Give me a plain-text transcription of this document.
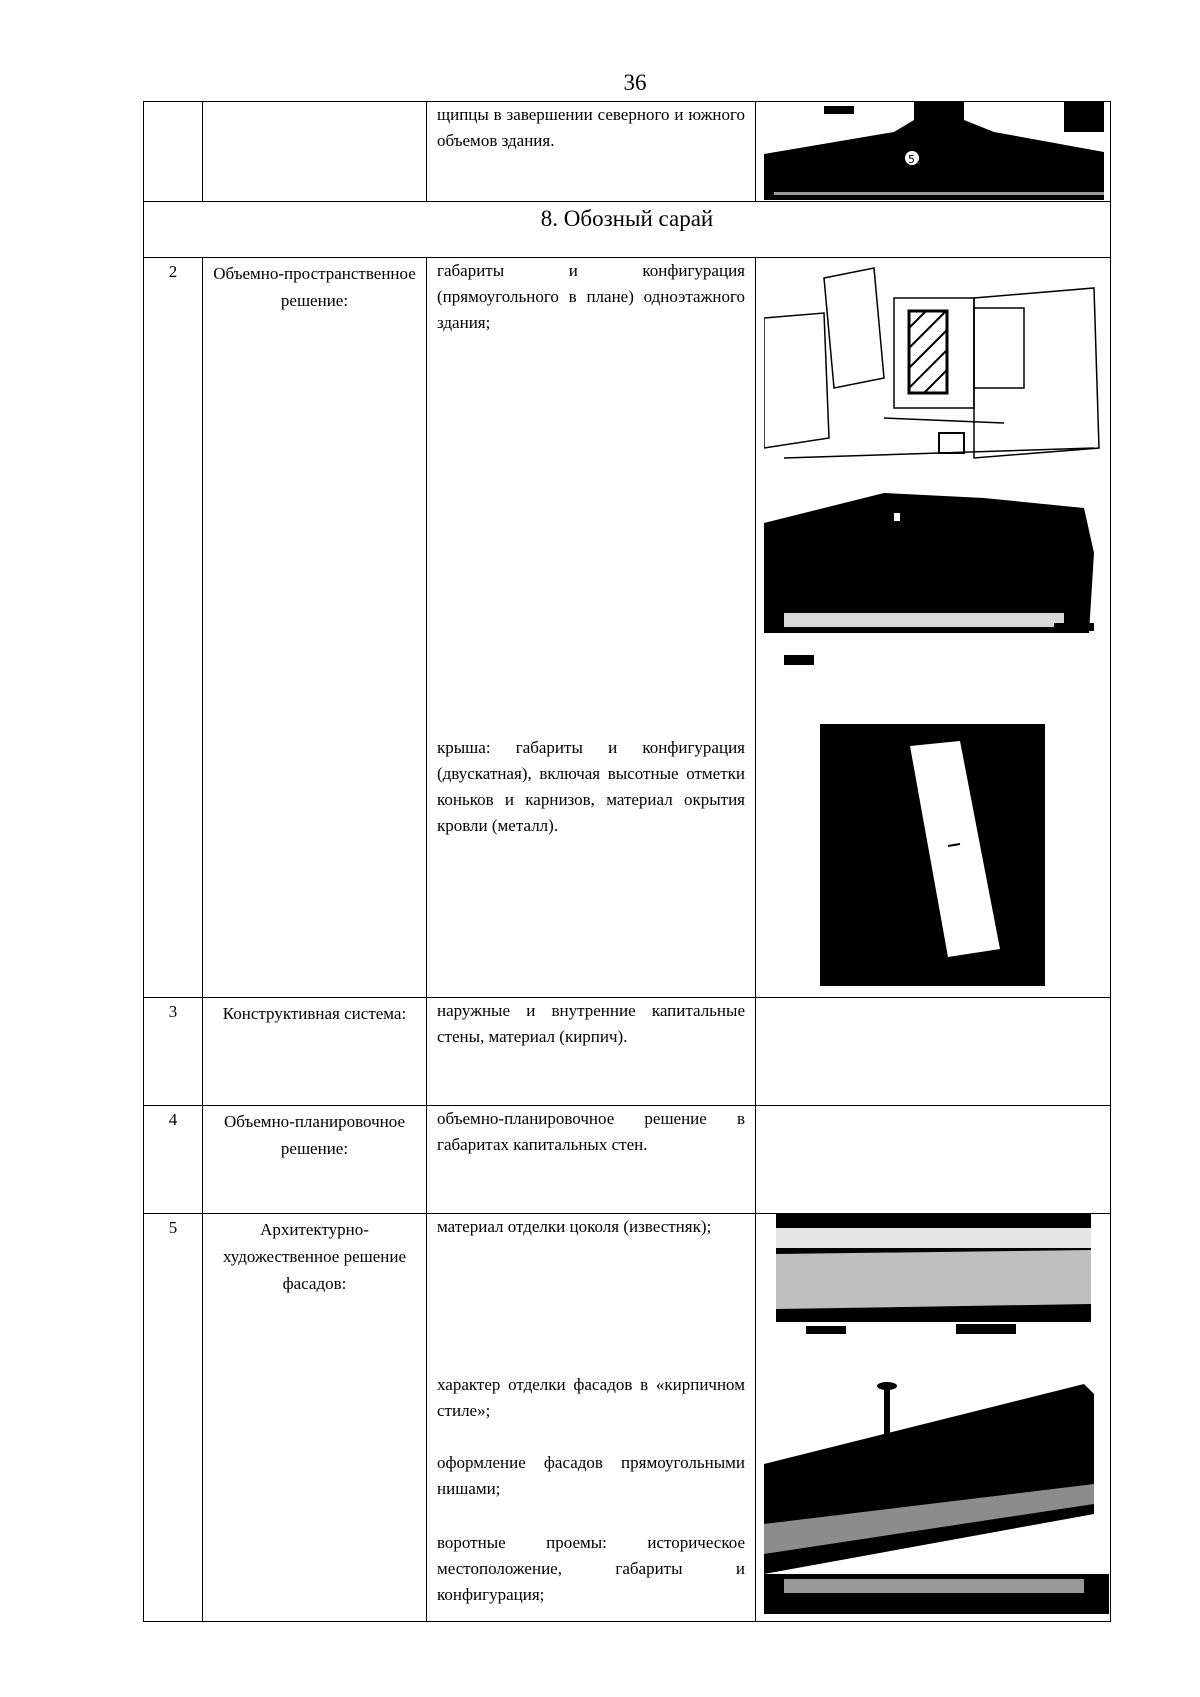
36

		щипцы в завершении северного и южного объемов здания.	5

8. Обозный сарай			
2	Объемно-пространственное решение:	габариты и конфигурация (прямоугольного в плане) одноэтажного здания;

крыша: габариты и конфигурация (двускатная), включая высотные отметки коньков и карнизов, материал окрытия кровли (металл).

3	Конструктивная система:	наружные и внутренние капитальные стены, материал (кирпич).	

4	Объемно-планировочное решение:	объемно-планировочное решение в габаритах капитальных стен.	

5	Архитектурно-художественное решение фасадов:	материал отделки цоколя (известняк);

характер отделки фасадов в «кирпичном стиле»;

оформление фасадов прямоугольными нишами;

воротные проемы: историческое местоположение, габариты и конфигурация;
